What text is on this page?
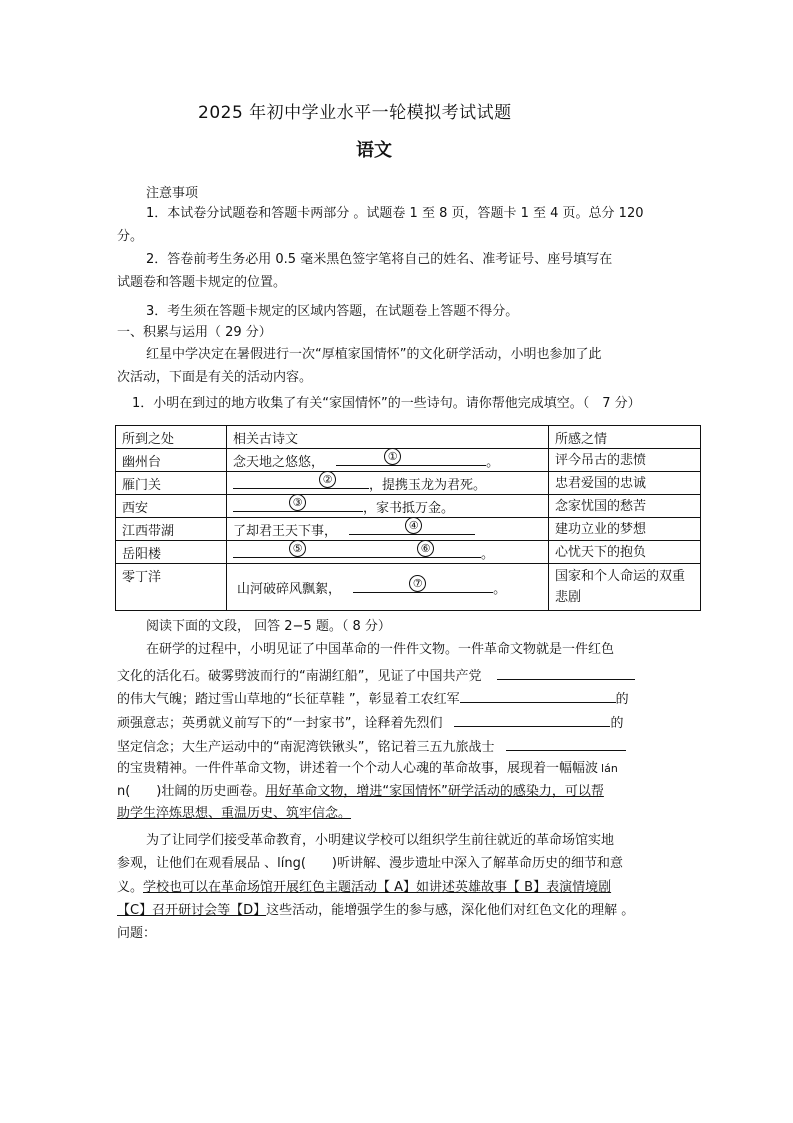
2025 年初中学业水平一轮模拟考试试题
语文
注意事项
1．本试卷分试题卷和答题卡两部分 。试题卷 1 至 8 页，答题卡 1 至 4 页。总分 120
分。
2．答卷前考生务必用 0.5 毫米黑色签字笔将自己的姓名、准考证号、座号填写在
试题卷和答题卡规定的位置。
3．考生须在答题卡规定的区域内答题，在试题卷上答题不得分。
一、积累与运用（ 29 分）
红星中学决定在暑假进行一次“厚植家国情怀”的文化研学活动，小明也参加了此
次活动，下面是有关的活动内容。
1．小明在到过的地方收集了有关“家国情怀”的一些诗句。请你帮他完成填空。（　7 分）
所到之处	相关古诗文	所感之情
幽州台	念天地之悠悠， ① 。	评今吊古的悲愤
雁门关	② ，提携玉龙为君死。	忠君爱国的忠诚
西安	③ ，家书抵万金。	念家忧国的愁苦
江西带湖	了却君王天下事， ④	建功立业的梦想
岳阳楼	⑤ ⑥ 。	心忧天下的抱负
零丁洋	山河破碎风飘絮， ⑦ 。	国家和个人命运的双重悲剧
阅读下面的文段， 回答 2−5 题。（ 8 分）
在研学的过程中，小明见证了中国革命的一件件文物。一件革命文物就是一件红色
文化的活化石。破雾劈波而行的“南湖红船”，见证了中国共产党
的伟大气魄；踏过雪山草地的“长征草鞋 ”，彰显着工农红军	的
顽强意志；英勇就义前写下的“一封家书”，诠释着先烈们	的
坚定信念；大生产运动中的“南泥湾铁锹头”，铭记着三五九旅战士
的宝贵精神。一件件革命文物，讲述着一个个动人心魂的革命故事，展现着一幅幅波 lán
n(　　)壮阔的历史画卷。用好革命文物，增进“家国情怀”研学活动的感染力，可以帮
助学生淬炼思想、重温历史、筑牢信念。
为了让同学们接受革命教育，小明建议学校可以组织学生前往就近的革命场馆实地
参观，让他们在观看展品 、líng(　　)听讲解、漫步遗址中深入了解革命历史的细节和意
义。学校也可以在革命场馆开展红色主题活动【 A】如讲述英雄故事【 B】表演情境剧
【C】召开研讨会等【D】这些活动，能增强学生的参与感，深化他们对红色文化的理解 。
问题：
